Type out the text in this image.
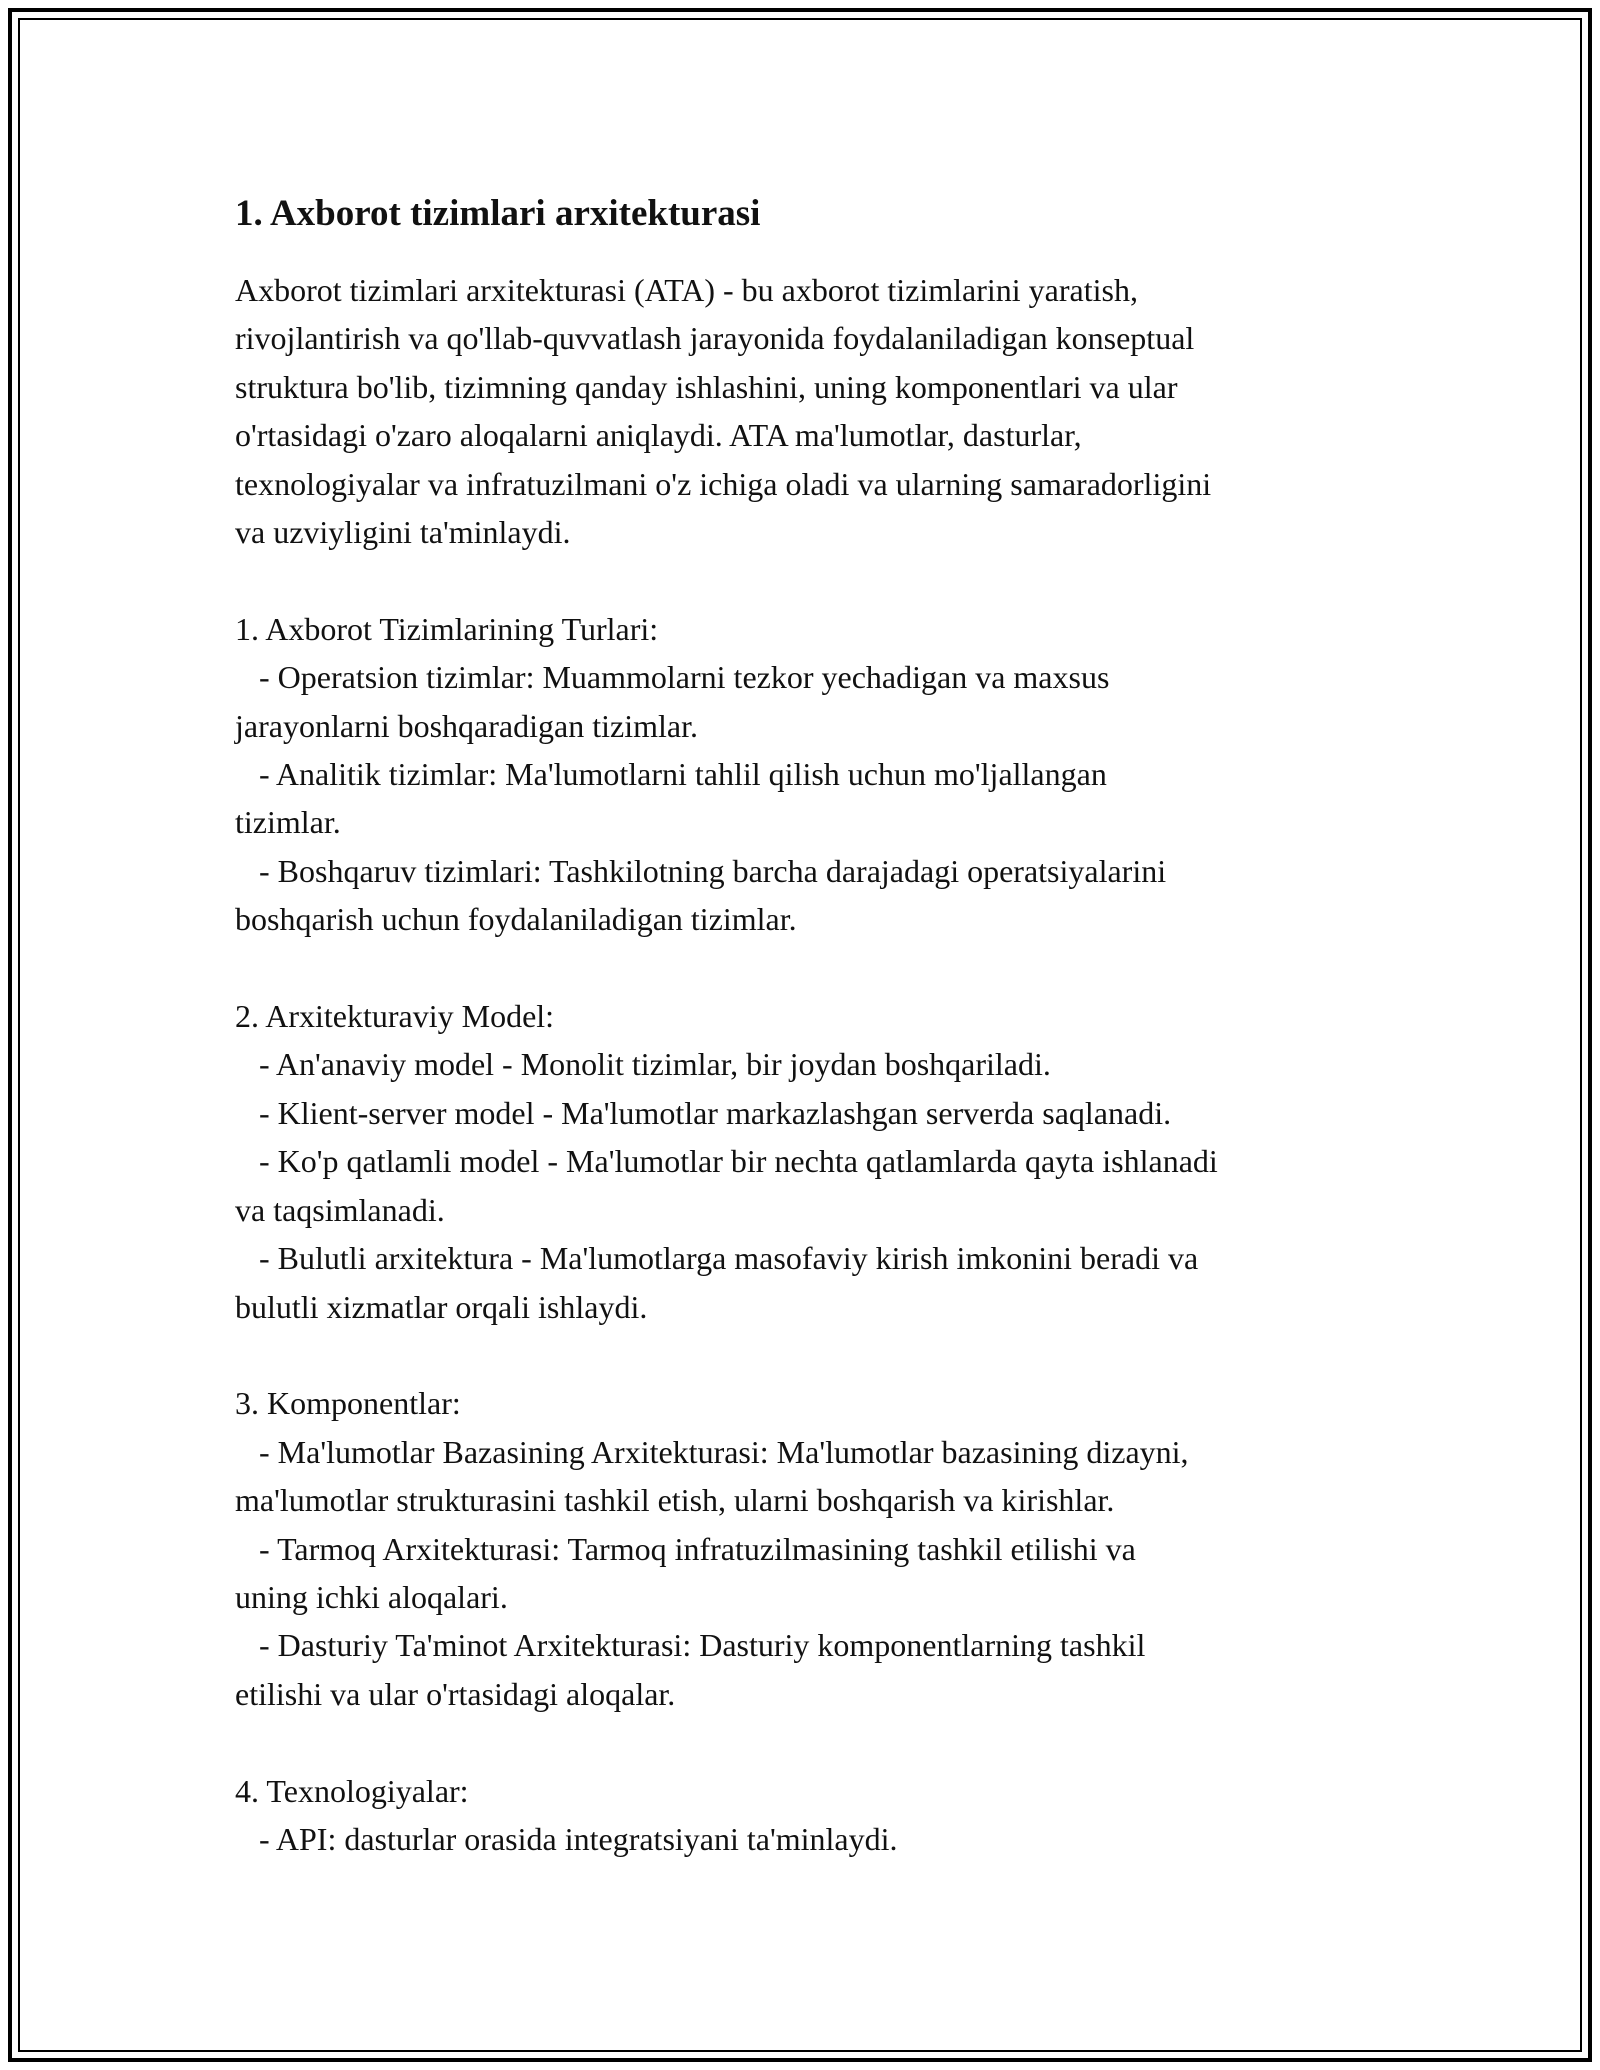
1. Axborot tizimlari arxitekturasi

Axborot tizimlari arxitekturasi (ATA) - bu axborot tizimlarini yaratish,

rivojlantirish va qo'llab-quvvatlash jarayonida foydalaniladigan konseptual

struktura bo'lib, tizimning qanday ishlashini, uning komponentlari va ular

o'rtasidagi o'zaro aloqalarni aniqlaydi. ATA ma'lumotlar, dasturlar,

texnologiyalar va infratuzilmani o'z ichiga oladi va ularning samaradorligini

va uzviyligini ta'minlaydi.

1. Axborot Tizimlarining Turlari:

- Operatsion tizimlar: Muammolarni tezkor yechadigan va maxsus

jarayonlarni boshqaradigan tizimlar.

- Analitik tizimlar: Ma'lumotlarni tahlil qilish uchun mo'ljallangan

tizimlar.

- Boshqaruv tizimlari: Tashkilotning barcha darajadagi operatsiyalarini

boshqarish uchun foydalaniladigan tizimlar.

2. Arxitekturaviy Model:

- An'anaviy model - Monolit tizimlar, bir joydan boshqariladi.

- Klient-server model - Ma'lumotlar markazlashgan serverda saqlanadi.

- Ko'p qatlamli model - Ma'lumotlar bir nechta qatlamlarda qayta ishlanadi

va taqsimlanadi.

- Bulutli arxitektura - Ma'lumotlarga masofaviy kirish imkonini beradi va

bulutli xizmatlar orqali ishlaydi.

3. Komponentlar:

- Ma'lumotlar Bazasining Arxitekturasi: Ma'lumotlar bazasining dizayni,

ma'lumotlar strukturasini tashkil etish, ularni boshqarish va kirishlar.

- Tarmoq Arxitekturasi: Tarmoq infratuzilmasining tashkil etilishi va

uning ichki aloqalari.

- Dasturiy Ta'minot Arxitekturasi: Dasturiy komponentlarning tashkil

etilishi va ular o'rtasidagi aloqalar.

4. Texnologiyalar:

- API: dasturlar orasida integratsiyani ta'minlaydi.
